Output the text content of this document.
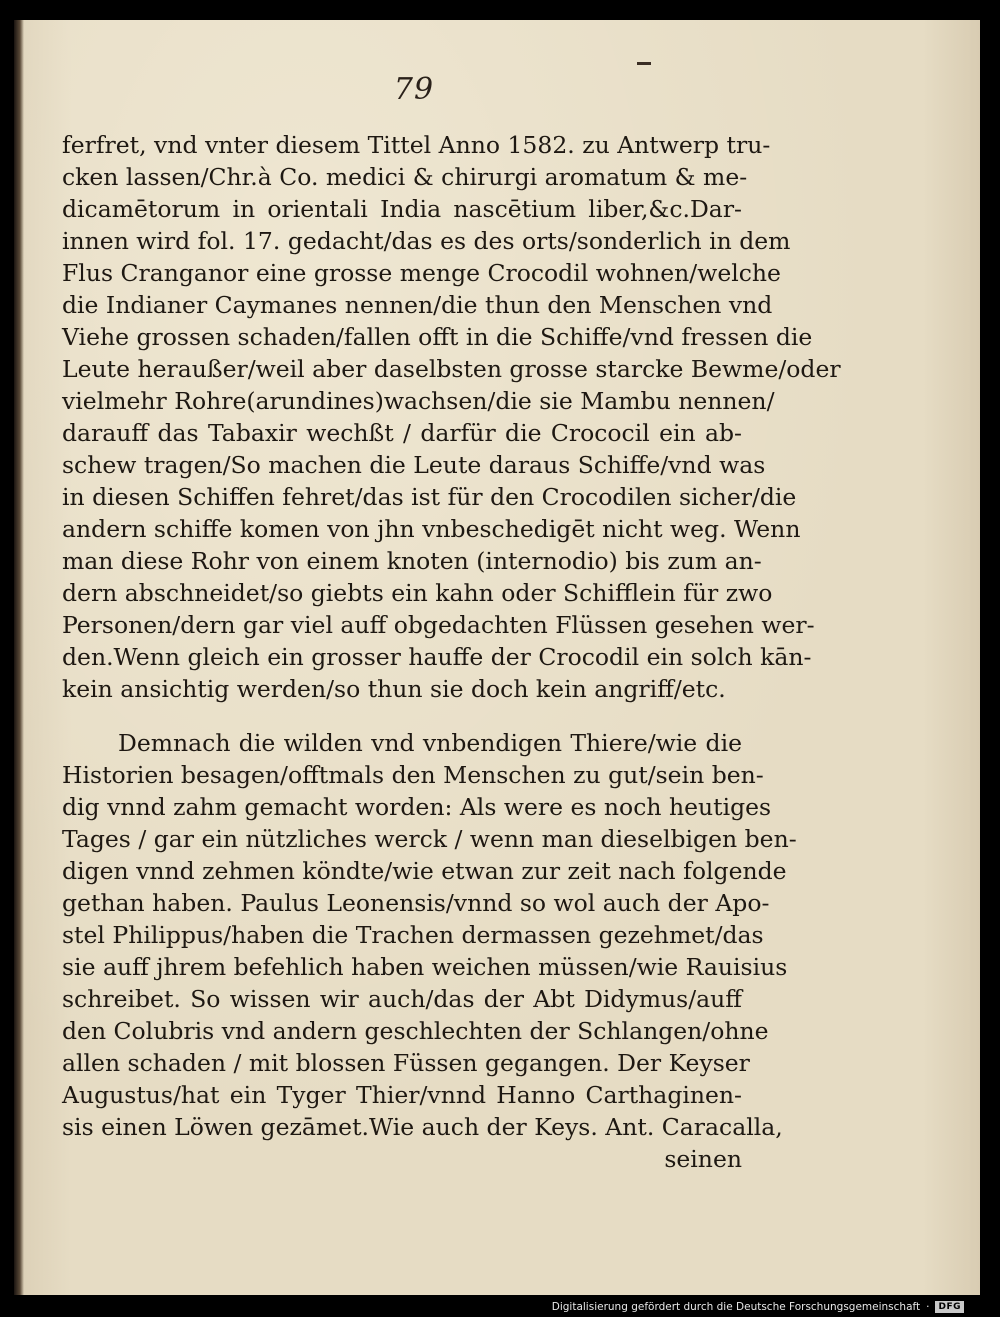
79
ferfret, vnd vnter diesem Tittel Anno 1582. zu Antwerp tru-
cken lassen/Chr.à Co. medici & chirurgi aromatum & me-
dicamētorum in orientali India nascētium liber,&c.Dar-
innen wird fol. 17. gedacht/das es des orts/sonderlich in dem
Flus Cranganor eine grosse menge Crocodil wohnen/welche
die Indianer Caymanes nennen/die thun den Menschen vnd
Viehe grossen schaden/fallen offt in die Schiffe/vnd fressen die
Leute heraußer/weil aber daselbsten grosse starcke Bewme/oder
vielmehr Rohre(arundines)wachsen/die sie Mambu nennen/
darauff das Tabaxir wechßt / darfür die Crococil ein ab-
schew tragen/So machen die Leute daraus Schiffe/vnd was
in diesen Schiffen fehret/das ist für den Crocodilen sicher/die
andern schiffe komen von jhn vnbeschedigēt nicht weg. Wenn
man diese Rohr von einem knoten (internodio) bis zum an-
dern abschneidet/so giebts ein kahn oder Schifflein für zwo
Personen/dern gar viel auff obgedachten Flüssen gesehen wer-
den.Wenn gleich ein grosser hauffe der Crocodil ein solch kān-
kein ansichtig werden/so thun sie doch kein angriff/etc.
Demnach die wilden vnd vnbendigen Thiere/wie die
Historien besagen/offtmals den Menschen zu gut/sein ben-
dig vnnd zahm gemacht worden: Als were es noch heutiges
Tages / gar ein nützliches werck / wenn man dieselbigen ben-
digen vnnd zehmen köndte/wie etwan zur zeit nach folgende
gethan haben. Paulus Leonensis/vnnd so wol auch der Apo-
stel Philippus/haben die Trachen dermassen gezehmet/das
sie auff jhrem befehlich haben weichen müssen/wie Rauisius
schreibet. So wissen wir auch/das der Abt Didymus/auff
den Colubris vnd andern geschlechten der Schlangen/ohne
allen schaden / mit blossen Füssen gegangen. Der Keyser
Augustus/hat ein Tyger Thier/vnnd Hanno Carthaginen-
sis einen Löwen gezāmet.Wie auch der Keys. Ant. Caracalla,
seinen
Digitalisierung gefördert durch die Deutsche Forschungsgemeinschaft ·	DFG
